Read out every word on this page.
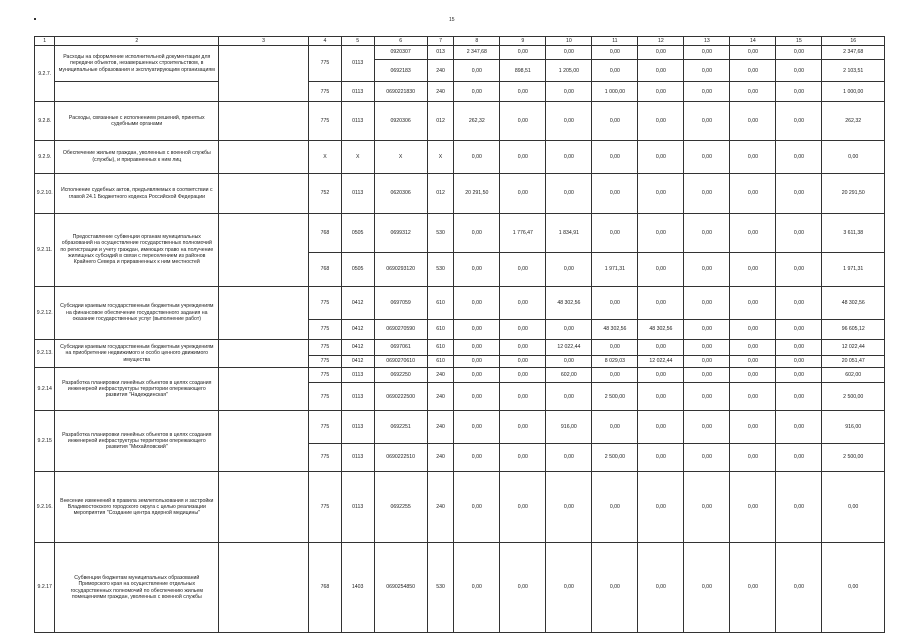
15
1	2	3	4	5	6	7	8	9	10	11	12	13	14	15	16
9.2.7.	Расходы на оформление исполнительной документации для передачи объектов, незавершенных строительством, в муниципальные образования и эксплуатирующим организациям		775	0113	0920307	013	2 347,68	0,00	0,00	0,00	0,00	0,00	0,00	0,00	2 347,68
					0692183	240	0,00	898,51	1 205,00	0,00	0,00	0,00	0,00	0,00	2 103,51
			775	0113	0690221830	240	0,00	0,00	0,00	1 000,00	0,00	0,00	0,00	0,00	1 000,00
9.2.8.	Расходы, связанные с исполнением решений, принятых судебными органами		775	0113	0920306	012	262,32	0,00	0,00	0,00	0,00	0,00	0,00	0,00	262,32
9.2.9.	Обеспечение жильем граждан, уволенных с военной службы (службы), и приравненных к ним лиц		X	X	X	X	0,00	0,00	0,00	0,00	0,00	0,00	0,00	0,00	0,00
9.2.10.	Исполнение судебных актов, предъявляемых в соответствии с главой 24.1 Бюджетного кодекса Российской Федерации		752	0113	0620306	012	20 291,50	0,00	0,00	0,00	0,00	0,00	0,00	0,00	20 291,50
9.2.11.	Предоставление субвенции органам муниципальных образований на осуществление государственных полномочий по регистрации и учету граждан, имеющих право на получение жилищных субсидий в связи с переселением из районов Крайнего Севера и приравненных к ним местностей		768	0505	0699312	530	0,00	1 776,47	1 834,91	0,00	0,00	0,00	0,00	0,00	3 611,38
			768	0505	0690293120	530	0,00	0,00	0,00	1 971,31	0,00	0,00	0,00	0,00	1 971,31
9.2.12.	Субсидии краевым государственным бюджетным учреждениям на финансовое обеспечение государственного задания на оказание государственных услуг (выполнение работ)		775	0412	0697059	610	0,00	0,00	48 302,56	0,00	0,00	0,00	0,00	0,00	48 302,56
			775	0412	0690270590	610	0,00	0,00	0,00	48 302,56	48 302,56	0,00	0,00	0,00	96 605,12
9.2.13.	Субсидии краевым государственным бюджетным учреждениям на приобретение недвижимого и особо ценного движимого имущества		775	0412	0697061	610	0,00	0,00	12 022,44	0,00	0,00	0,00	0,00	0,00	12 022,44
			775	0412	0690270610	610	0,00	0,00	0,00	8 029,03	12 022,44	0,00	0,00	0,00	20 051,47
9.2.14	Разработка планировки линейных объектов в целях создания инженерной инфраструктуры территории опережающего развития "Надеждинская"		775	0113	0692250	240	0,00	0,00	602,00	0,00	0,00	0,00	0,00	0,00	602,00
			775	0113	0690222500	240	0,00	0,00	0,00	2 500,00	0,00	0,00	0,00	0,00	2 500,00
9.2.15	Разработка планировки линейных объектов в целях создания инженерной инфраструктуры территории опережающего развития "Михайловский"		775	0113	0692251	240	0,00	0,00	916,00	0,00	0,00	0,00	0,00	0,00	916,00
			775	0113	0690222510	240	0,00	0,00	0,00	2 500,00	0,00	0,00	0,00	0,00	2 500,00
9.2.16.	Внесение изменений в правила землепользования и застройки Владивостокского городского округа с целью реализации мероприятия "Создание центра ядерной медицины"		775	0113	0692255	240	0,00	0,00	0,00	0,00	0,00	0,00	0,00	0,00	0,00
9.2.17	Субвенции бюджетам муниципальных образований Приморского края на осуществление отдельных государственных полномочий по обеспечению жильем помещениями граждан, уволенных с военной службы		768	1403	0690254850	530	0,00	0,00	0,00	0,00	0,00	0,00	0,00	0,00	0,00
